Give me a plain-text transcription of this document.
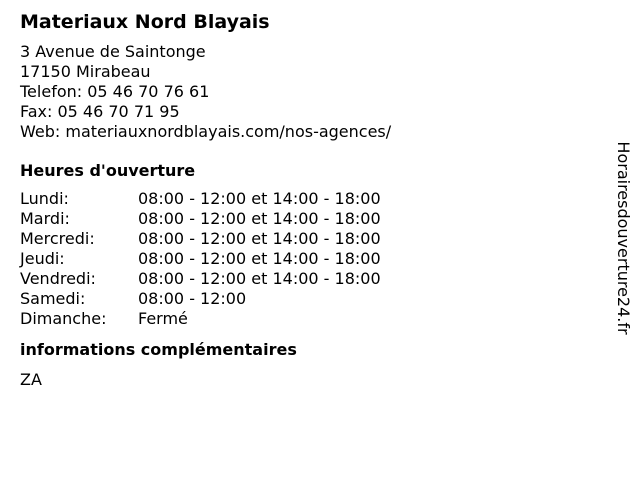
Materiaux Nord Blayais
3 Avenue de Saintonge
17150 Mirabeau
Telefon: 05 46 70 76 61
Fax: 05 46 70 71 95
Web: materiauxnordblayais.com/nos-agences/
Heures d'ouverture
Lundi:	08:00 - 12:00 et 14:00 - 18:00
Mardi:	08:00 - 12:00 et 14:00 - 18:00
Mercredi:	08:00 - 12:00 et 14:00 - 18:00
Jeudi:	08:00 - 12:00 et 14:00 - 18:00
Vendredi:	08:00 - 12:00 et 14:00 - 18:00
Samedi:	08:00 - 12:00
Dimanche:	Fermé
informations complémentaires
ZA
Horairesdouverture24.fr
